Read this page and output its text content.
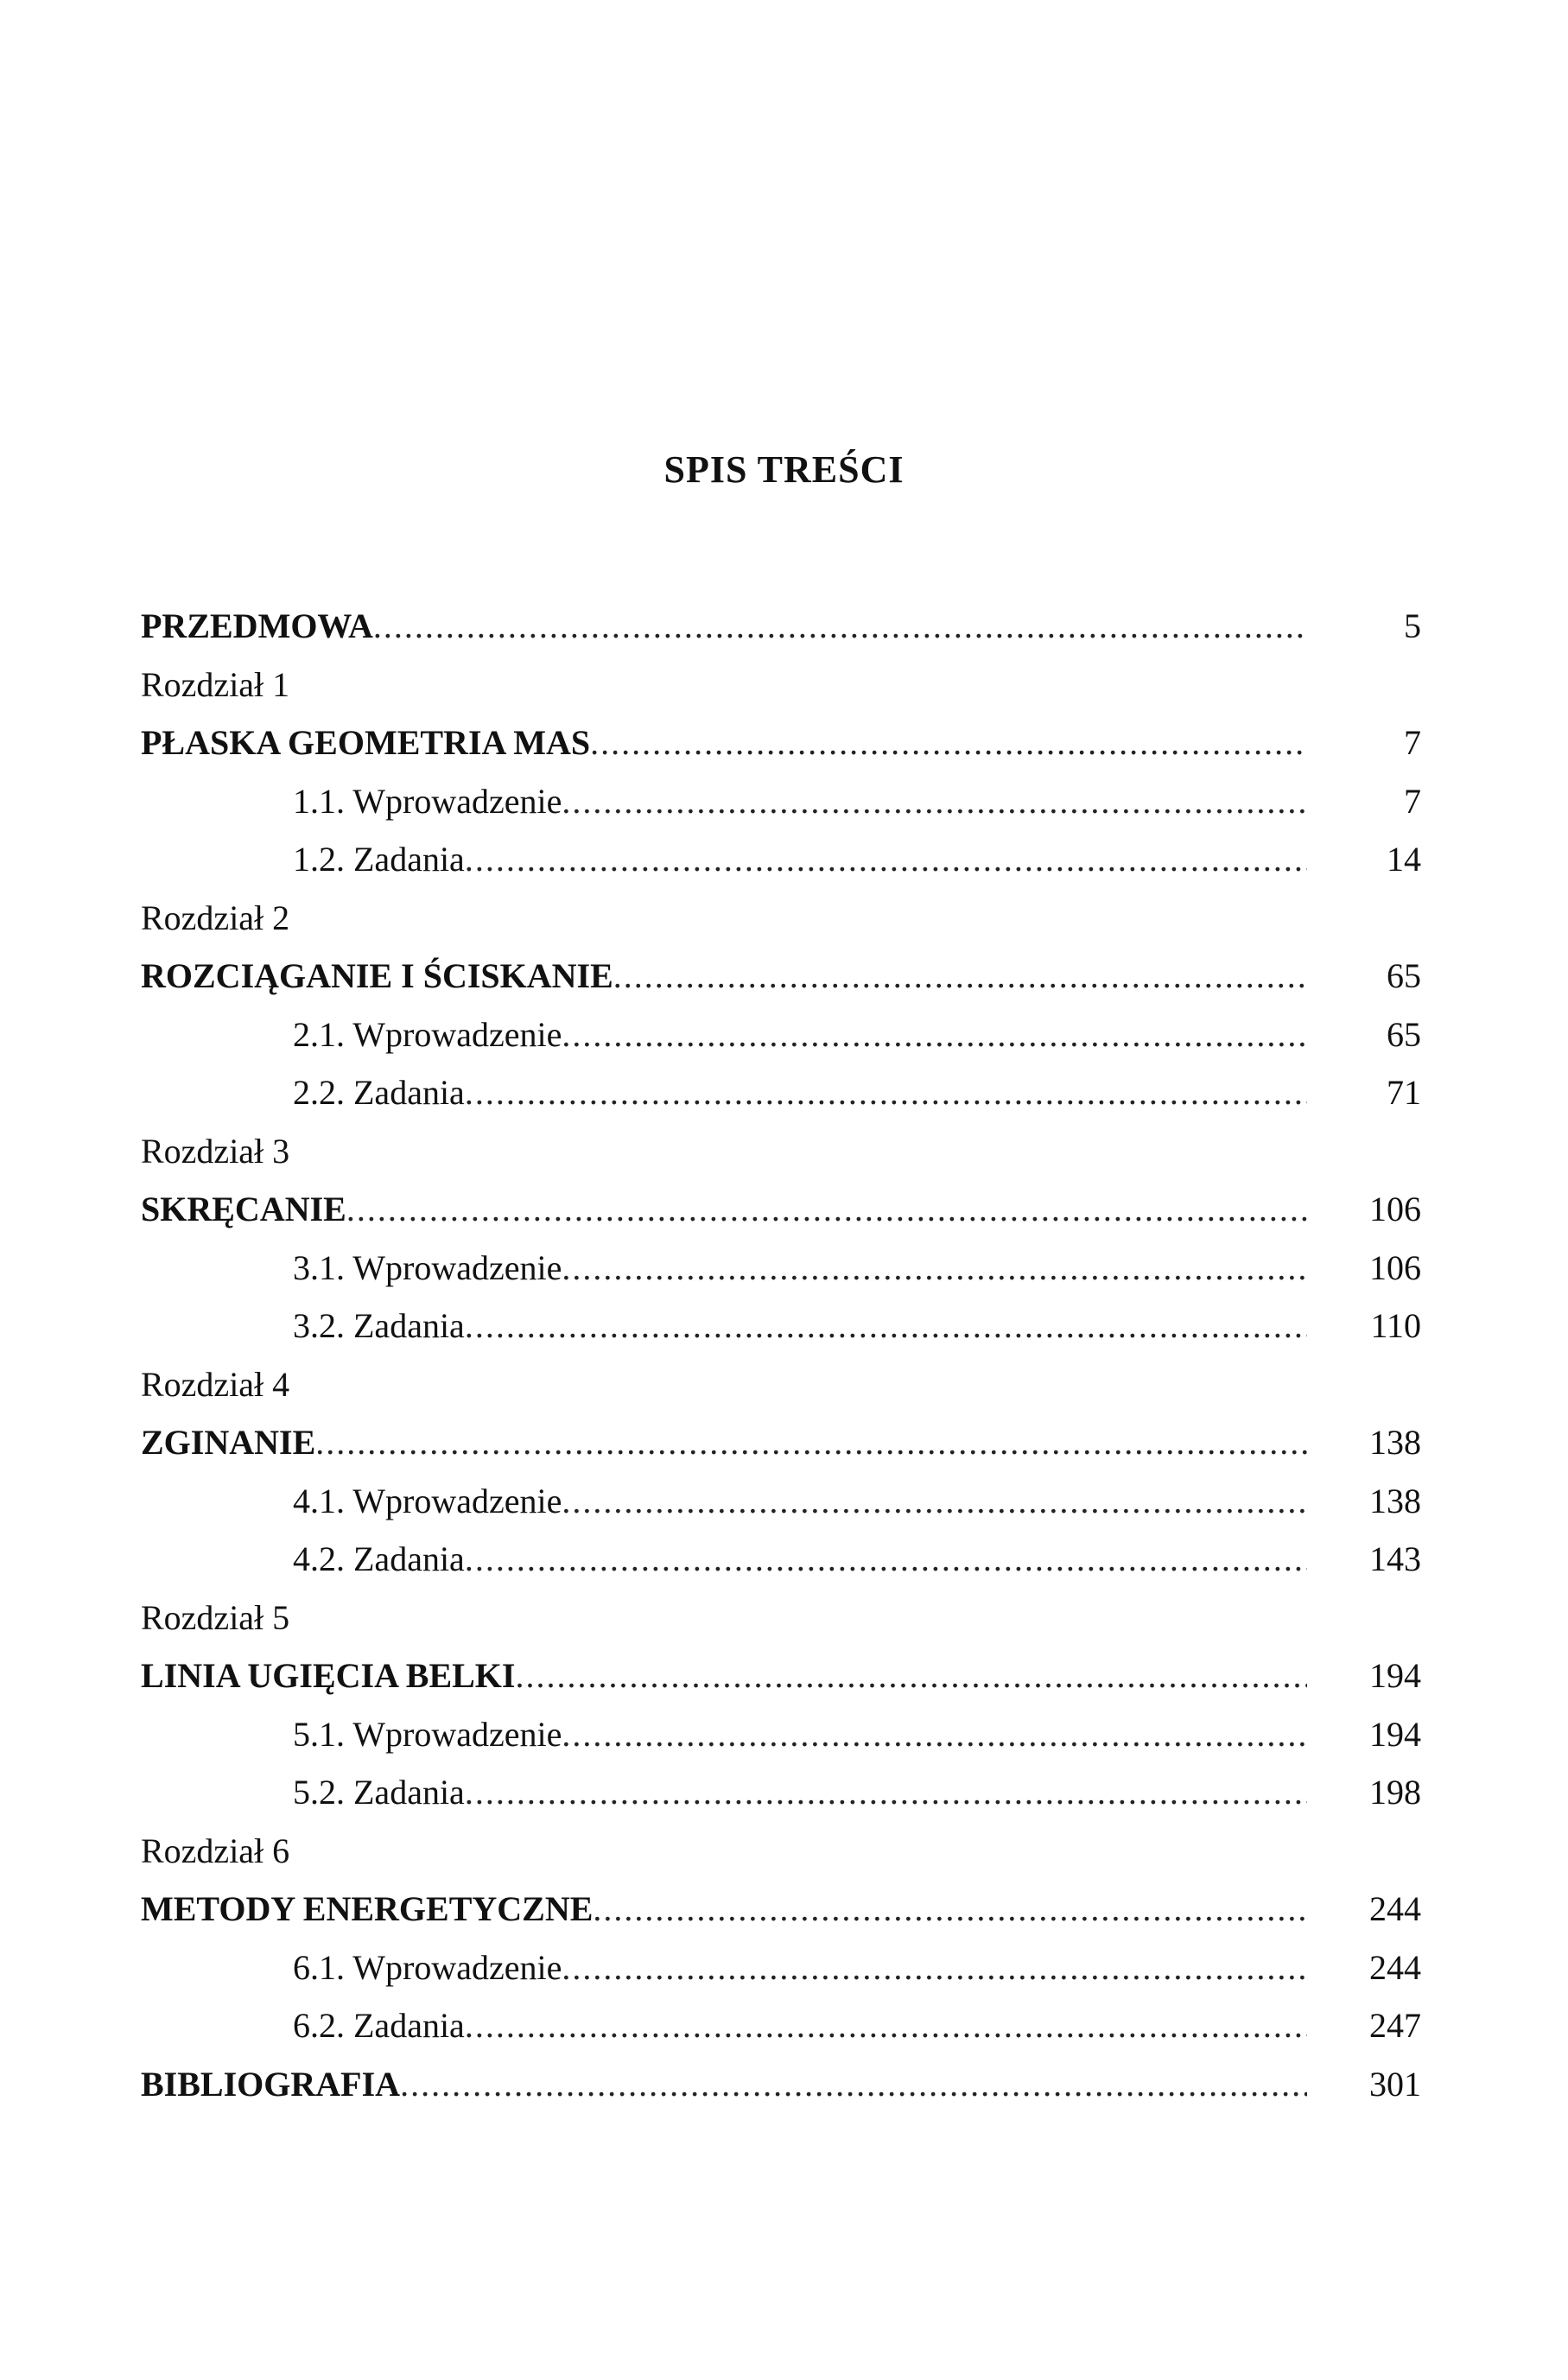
SPIS TREŚCI
PRZEDMOWA .....	5
Rozdział 1
PŁASKA GEOMETRIA MAS .....	7
1.1. Wprowadzenie .....	7
1.2. Zadania .....	14
Rozdział 2
ROZCIĄGANIE I ŚCISKANIE .....	65
2.1. Wprowadzenie .....	65
2.2. Zadania .....	71
Rozdział 3
SKRĘCANIE .....	106
3.1. Wprowadzenie .....	106
3.2. Zadania .....	110
Rozdział 4
ZGINANIE .....	138
4.1. Wprowadzenie .....	138
4.2. Zadania .....	143
Rozdział 5
LINIA UGIĘCIA BELKI .....	194
5.1. Wprowadzenie .....	194
5.2. Zadania .....	198
Rozdział 6
METODY ENERGETYCZNE .....	244
6.1. Wprowadzenie .....	244
6.2. Zadania .....	247
BIBLIOGRAFIA .....	301
